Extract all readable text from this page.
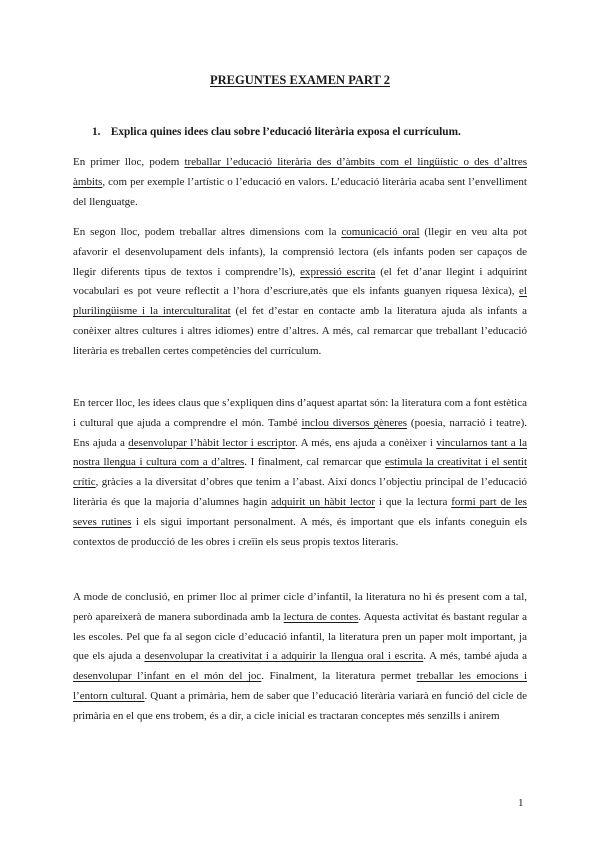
PREGUNTES EXAMEN PART 2
1. Explica quines idees clau sobre l’educació literària exposa el currículum.

En primer lloc, podem treballar l’educació literària des d’àmbits com el lingüístic o des d’altres àmbits, com per exemple l’artístic o l’educació en valors. L’educació literària acaba sent l’envelliment del llenguatge.

En segon lloc, podem treballar altres dimensions com la comunicació oral (llegir en veu alta pot afavorir el desenvolupament dels infants), la comprensió lectora (els infants poden ser capaços de llegir diferents tipus de textos i comprendre’ls), expressió escrita (el fet d’anar llegint i adquirint vocabulari es pot veure reflectit a l’hora d’escriure,atès que els infants guanyen riquesa lèxica), el plurilingüisme i la interculturalitat (el fet d’estar en contacte amb la literatura ajuda als infants a conèixer altres cultures i altres idiomes) entre d’altres. A més, cal remarcar que treballant l’educació literària es treballen certes competències del currículum.

En tercer lloc, les idees claus que s’expliquen dins d’aquest apartat són: la literatura com a font estètica i cultural que ajuda a comprendre el món. També inclou diversos gèneres (poesia, narració i teatre). Ens ajuda a desenvolupar l’hàbit lector i escriptor. A més, ens ajuda a conèixer i vincularnos tant a la nostra llengua i cultura com a d’altres. I finalment, cal remarcar que estimula la creativitat i el sentit crític, gràcies a la diversitat d’obres que tenim a l’abast. Així doncs l’objectiu principal de l’educació literària és que la majoria d’alumnes hagin adquirit un hàbit lector i que la lectura formi part de les seves rutines i els sigui important personalment. A més, és important que els infants coneguin els contextos de producció de les obres i creïin els seus propis textos literaris.

A mode de conclusió, en primer lloc al primer cicle d’infantil, la literatura no hi és present com a tal, però apareixerà de manera subordinada amb la lectura de contes. Aquesta activitat és bastant regular a les escoles. Pel que fa al segon cicle d’educació infantil, la literatura pren un paper molt important, ja que els ajuda a desenvolupar la creativitat i a adquirir la llengua oral i escrita. A més, també ajuda a desenvolupar l’infant en el món del joc. Finalment, la literatura permet treballar les emocions i l’entorn cultural. Quant a primària, hem de saber que l’educació literària variarà en funció del cicle de primària en el que ens trobem, és a dir, a cicle inicial es tractaran conceptes més senzills i anirem

1
